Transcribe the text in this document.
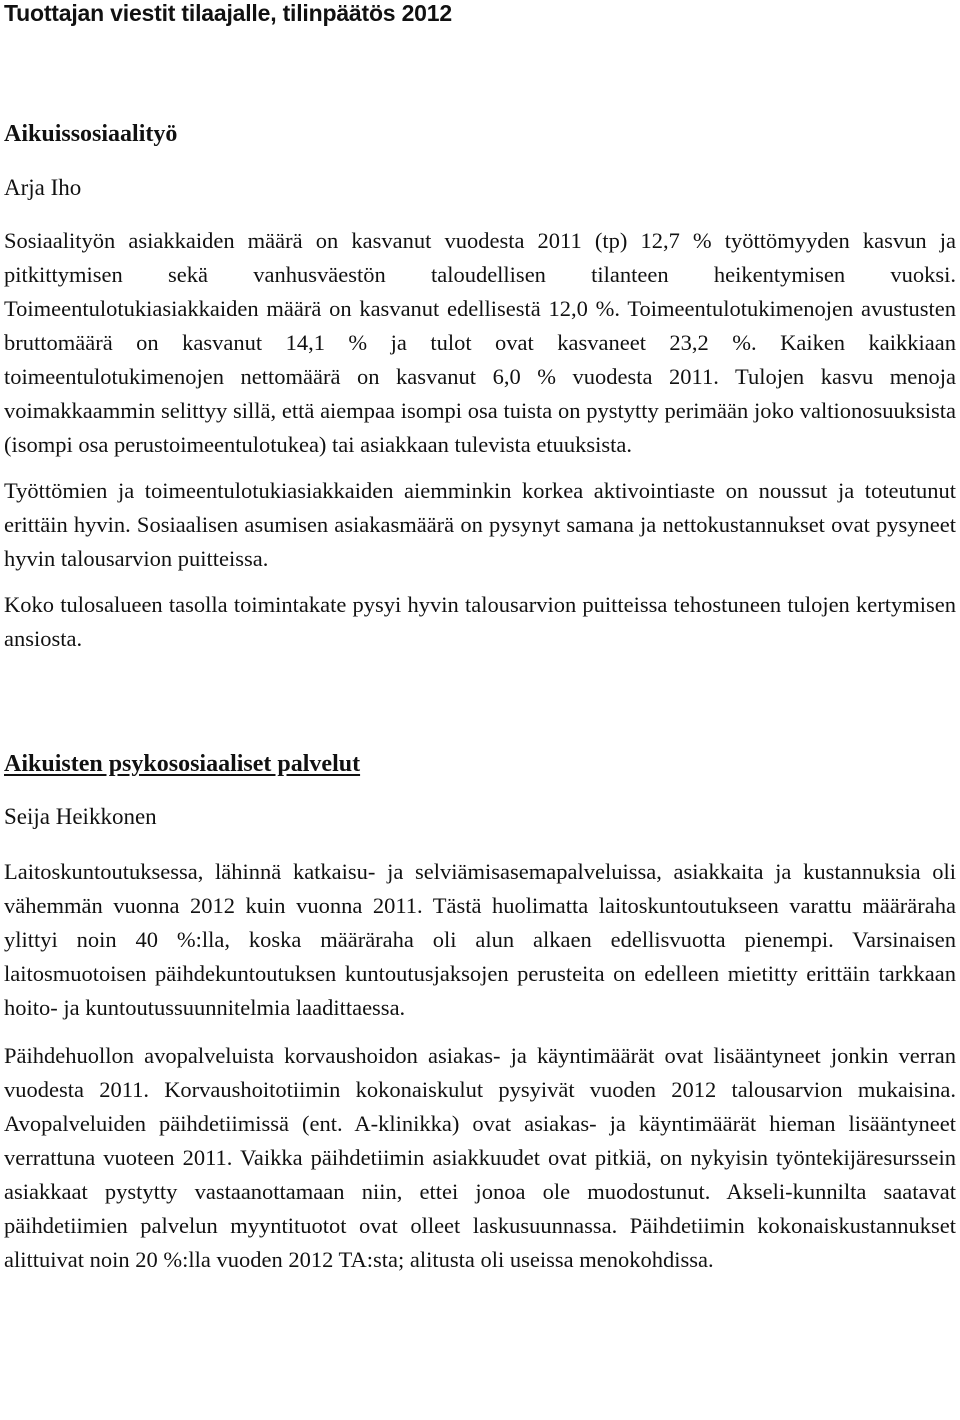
Tuottajan viestit tilaajalle, tilinpäätös 2012
Aikuissosiaalityö
Arja Iho

Sosiaalityön asiakkaiden määrä on kasvanut vuodesta 2011 (tp) 12,7 % työttömyyden kasvun ja pitkittymisen sekä vanhusväestön taloudellisen tilanteen heikentymisen vuoksi. Toimeentulotukiasiakkaiden määrä on kasvanut edellisestä 12,0 %. Toimeentulotukimenojen avustusten bruttomäärä on kasvanut 14,1 % ja tulot ovat kasvaneet 23,2 %. Kaiken kaikkiaan toimeentulotukimenojen nettomäärä on kasvanut 6,0 % vuodesta 2011. Tulojen kasvu menoja voimakkaammin selittyy sillä, että aiempaa isompi osa tuista on pystytty perimään joko valtionosuuksista (isompi osa perustoimeentulotukea) tai asiakkaan tulevista etuuksista.

Työttömien ja toimeentulotukiasiakkaiden aiemminkin korkea aktivointiaste on noussut ja toteutunut erittäin hyvin. Sosiaalisen asumisen asiakasmäärä on pysynyt samana ja nettokustannukset ovat pysyneet hyvin talousarvion puitteissa.

Koko tulosalueen tasolla toimintakate pysyi hyvin talousarvion puitteissa tehostuneen tulojen kertymisen ansiosta.

Aikuisten psykososiaaliset palvelut
Seija Heikkonen

Laitoskuntoutuksessa, lähinnä katkaisu- ja selviämisasemapalveluissa, asiakkaita ja kustannuksia oli vähemmän vuonna 2012 kuin vuonna 2011. Tästä huolimatta laitoskuntoutukseen varattu määräraha ylittyi noin 40 %:lla, koska määräraha oli alun alkaen edellisvuotta pienempi. Varsinaisen laitosmuotoisen päihdekuntoutuksen kuntoutusjaksojen perusteita on edelleen mietitty erittäin tarkkaan hoito- ja kuntoutussuunnitelmia laadittaessa.

Päihdehuollon avopalveluista korvaushoidon asiakas- ja käyntimäärät ovat lisääntyneet jonkin verran vuodesta 2011. Korvaushoitotiimin kokonaiskulut pysyivät vuoden 2012 talousarvion mukaisina. Avopalveluiden päihdetiimissä (ent. A-klinikka) ovat asiakas- ja käyntimäärät hieman lisääntyneet verrattuna vuoteen 2011. Vaikka päihdetiimin asiakkuudet ovat pitkiä, on nykyisin työntekijäresurssein asiakkaat pystytty vastaanottamaan niin, ettei jonoa ole muodostunut. Akseli-kunnilta saatavat päihdetiimien palvelun myyntituotot ovat olleet laskusuunnassa. Päihdetiimin kokonaiskustannukset alittuivat noin 20 %:lla vuoden 2012 TA:sta; alitusta oli useissa menokohdissa.
